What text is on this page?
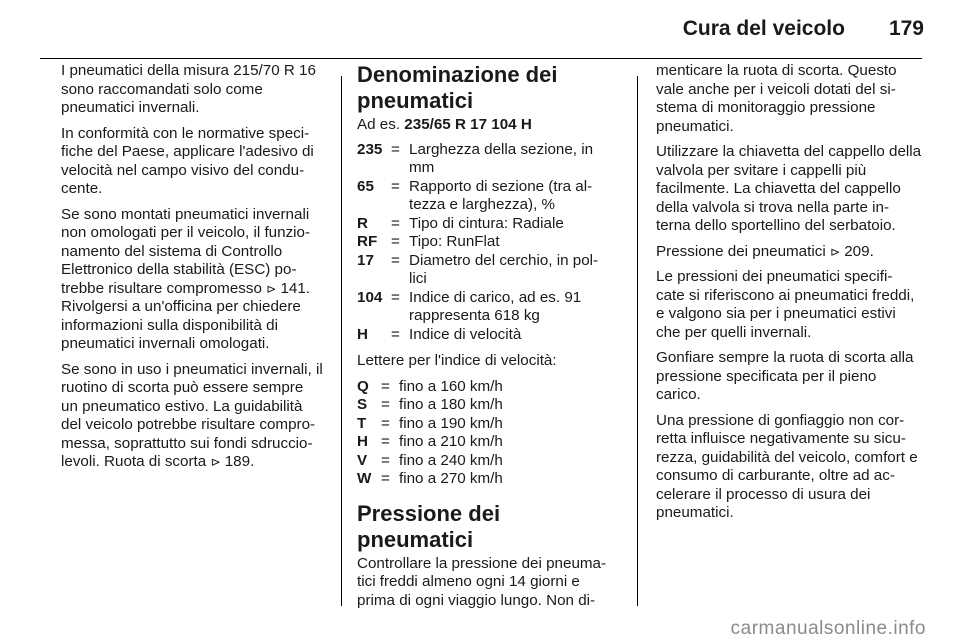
Cura del veicolo 179

I pneumatici della misura 215/70 R 16 sono raccomandati solo come pneumatici invernali.

In conformità con le normative speci- fiche del Paese, applicare l'adesivo di velocità nel campo visivo del condu- cente.

Se sono montati pneumatici invernali non omologati per il veicolo, il funzio- namento del sistema di Controllo Elettronico della stabilità (ESC) po- trebbe risultare compromesso ⊳ 141.

Rivolgersi a un'officina per chiedere informazioni sulla disponibilità di pneumatici invernali omologati.

Se sono in uso i pneumatici invernali, il ruotino di scorta può essere sempre un pneumatico estivo. La guidabilità del veicolo potrebbe risultare compro- messa, soprattutto sui fondi sdruccio- levoli. Ruota di scorta ⊳ 189.

Denominazione dei pneumatici
Ad es. 235/65 R 17 104 H
235 = Larghezza della sezione, in mm
65	= Rapporto di sezione (tra al- tezza e larghezza), %
R	= Tipo di cintura: Radiale
RF = Tipo: RunFlat
17	= Diametro del cerchio, in pol- lici
104 = Indice di carico, ad es. 91 rappresenta 618 kg
H	= Indice di velocità

Lettere per l'indice di velocità:

Q = fino a 160 km/h
S = fino a 180 km/h
T = fino a 190 km/h
H = fino a 210 km/h
V = fino a 240 km/h
W = fino a 270 km/h
Pressione dei pneumatici

Controllare la pressione dei pneuma- tici freddi almeno ogni 14 giorni e prima di ogni viaggio lungo. Non di-

menticare la ruota di scorta. Questo vale anche per i veicoli dotati del si- stema di monitoraggio pressione pneumatici.

Utilizzare la chiavetta del cappello della valvola per svitare i cappelli più facilmente. La chiavetta del cappello della valvola si trova nella parte in- terna dello sportellino del serbatoio.

Pressione dei pneumatici ⊳ 209.

Le pressioni dei pneumatici specifi- cate si riferiscono ai pneumatici freddi, e valgono sia per i pneumatici estivi che per quelli invernali.

Gonfiare sempre la ruota di scorta alla pressione specificata per il pieno carico.

Una pressione di gonfiaggio non cor- retta influisce negativamente su sicu- rezza, guidabilità del veicolo, comfort e consumo di carburante, oltre ad ac- celerare il processo di usura dei pneumatici.

carmanualsonline.info
